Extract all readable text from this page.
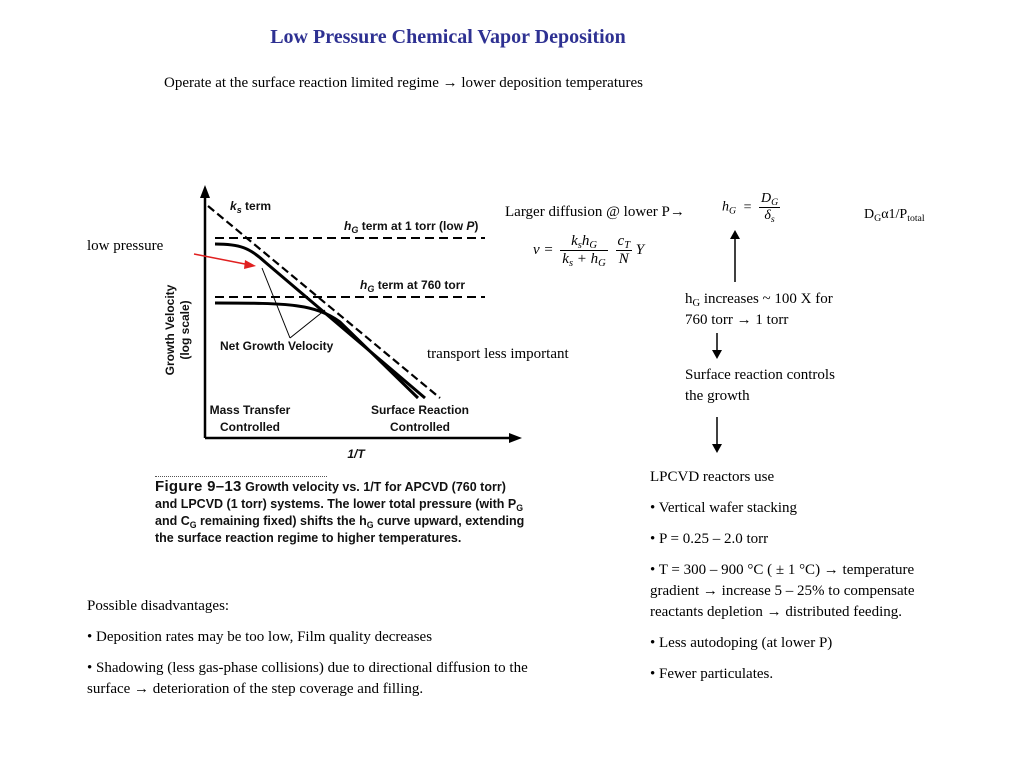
Low Pressure Chemical Vapor Deposition
Operate at the surface reaction limited regime → lower deposition temperatures
$k_s$ term
$h_G$ term at 1 torr (low P)
$h_G$ term at 760 torr
Net Growth Velocity
Growth Velocity (log scale)
Mass Transfer
Controlled
Surface Reaction
Controlled
1/T
Figure 9–13 Growth velocity vs. 1/T for APCVD (760 torr) and LPCVD (1 torr) systems. The lower total pressure (with $P_G$ and $C_G$ remaining fixed) shifts the $h_G$ curve upward, extending the surface reaction regime to higher temperatures.
low pressure
transport less important
Larger diffusion @ lower P→	$h_G = \frac{D_G}{\delta_s}$	$D_G\alpha 1/P_{total}$
$v = \frac{k_sh_G}{k_s + h_G}$
$\frac{c_T}{N}$ Y
$h_G$ increases ~ 100 X for
760 torr → 1 torr
Surface reaction controls
the growth

LPCVD reactors use

• Vertical wafer stacking

• P = 0.25 – 2.0 torr

• T = 300 – 900 °C ( ± 1 °C) → temperature gradient → increase 5 – 25% to compensate reactants depletion → distributed feeding.

• Less autodoping (at lower P)

• Fewer particulates.

Possible disadvantages:

• Deposition rates may be too low, Film quality decreases

• Shadowing (less gas-phase collisions) due to directional diffusion to the surface → deterioration of the step coverage and filling.
